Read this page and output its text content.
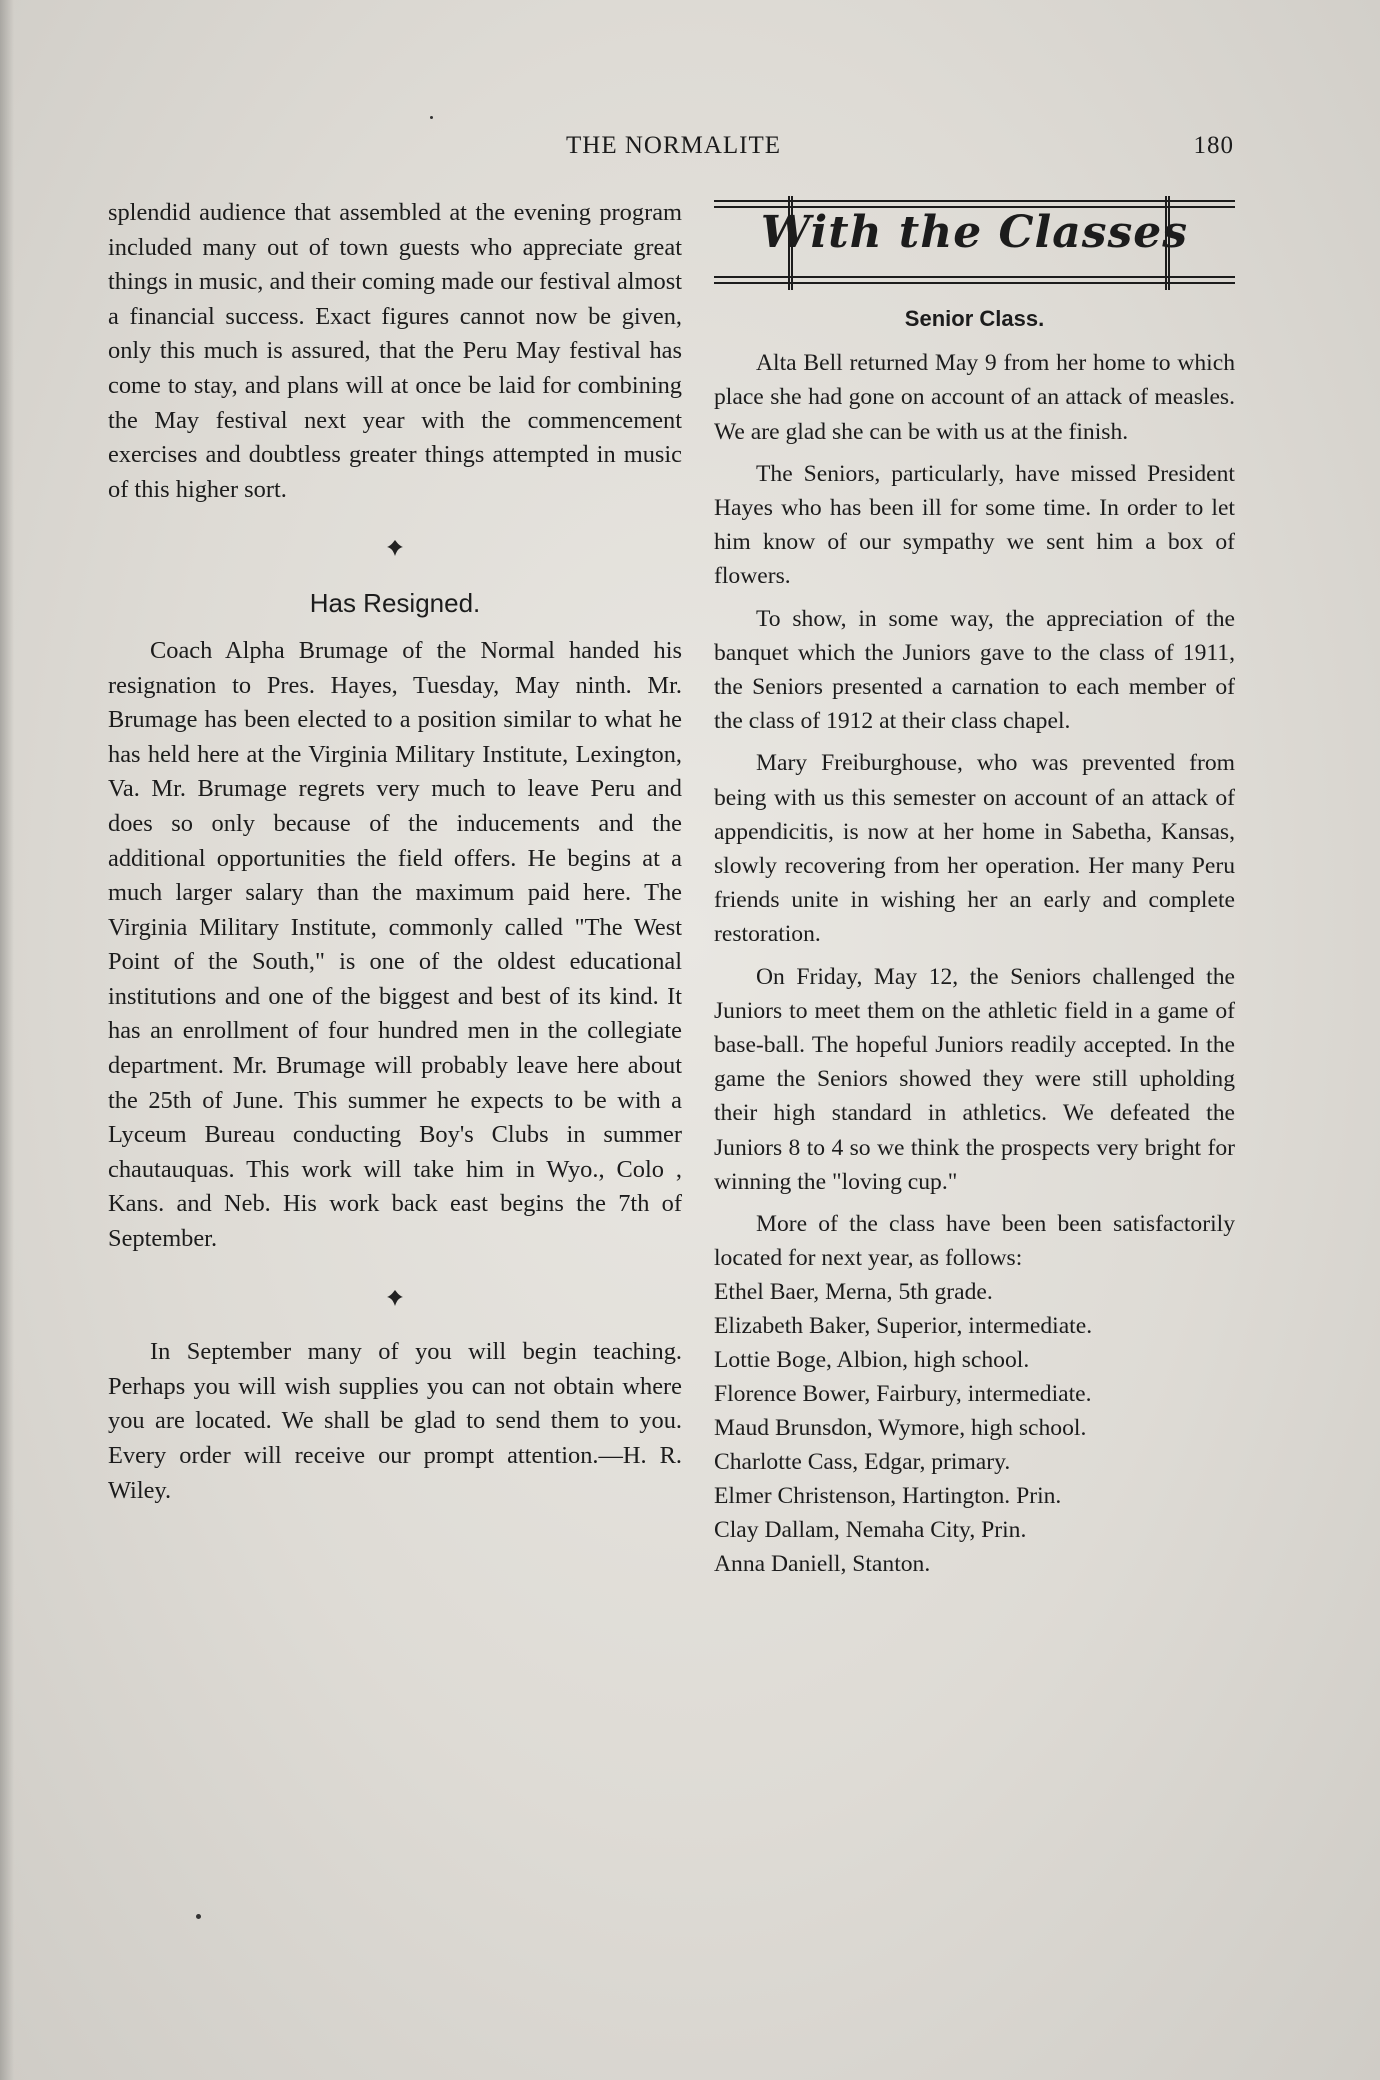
THE NORMALITE	180

splendid audience that assembled at the evening program included many out of town guests who appreciate great things in music, and their coming made our festival almost a financial success. Exact figures cannot now be given, only this much is assured, that the Peru May festival has come to stay, and plans will at once be laid for combining the May festival next year with the commencement exercises and doubtless greater things attempted in music of this higher sort.

Has Resigned.

Coach Alpha Brumage of the Normal handed his resignation to Pres. Hayes, Tuesday, May ninth. Mr. Brumage has been elected to a position similar to what he has held here at the Virginia Military Institute, Lexington, Va. Mr. Brumage regrets very much to leave Peru and does so only because of the inducements and the additional opportunities the field offers. He begins at a much larger salary than the maximum paid here. The Virginia Military Institute, commonly called "The West Point of the South," is one of the oldest educational institutions and one of the biggest and best of its kind. It has an enrollment of four hundred men in the collegiate department. Mr. Brumage will probably leave here about the 25th of June. This summer he expects to be with a Lyceum Bureau conducting Boy's Clubs in summer chautauquas. This work will take him in Wyo., Colo , Kans. and Neb. His work back east begins the 7th of September.

In September many of you will begin teaching. Perhaps you will wish supplies you can not obtain where you are located. We shall be glad to send them to you. Every order will receive our prompt attention.—H. R. Wiley.

With the Classes
Senior Class.

Alta Bell returned May 9 from her home to which place she had gone on account of an attack of measles. We are glad she can be with us at the finish.

The Seniors, particularly, have missed President Hayes who has been ill for some time. In order to let him know of our sympathy we sent him a box of flowers.

To show, in some way, the appreciation of the banquet which the Juniors gave to the class of 1911, the Seniors presented a carnation to each member of the class of 1912 at their class chapel.

Mary Freiburghouse, who was prevented from being with us this semester on account of an attack of appendicitis, is now at her home in Sabetha, Kansas, slowly recovering from her operation. Her many Peru friends unite in wishing her an early and complete restoration.

On Friday, May 12, the Seniors challenged the Juniors to meet them on the athletic field in a game of base-ball. The hopeful Juniors readily accepted. In the game the Seniors showed they were still upholding their high standard in athletics. We defeated the Juniors 8 to 4 so we think the prospects very bright for winning the "loving cup."

More of the class have been been satisfactorily located for next year, as follows:

Ethel Baer, Merna, 5th grade.
Elizabeth Baker, Superior, intermediate.
Lottie Boge, Albion, high school.
Florence Bower, Fairbury, intermediate.
Maud Brunsdon, Wymore, high school.
Charlotte Cass, Edgar, primary.
Elmer Christenson, Hartington. Prin.
Clay Dallam, Nemaha City, Prin.
Anna Daniell, Stanton.
